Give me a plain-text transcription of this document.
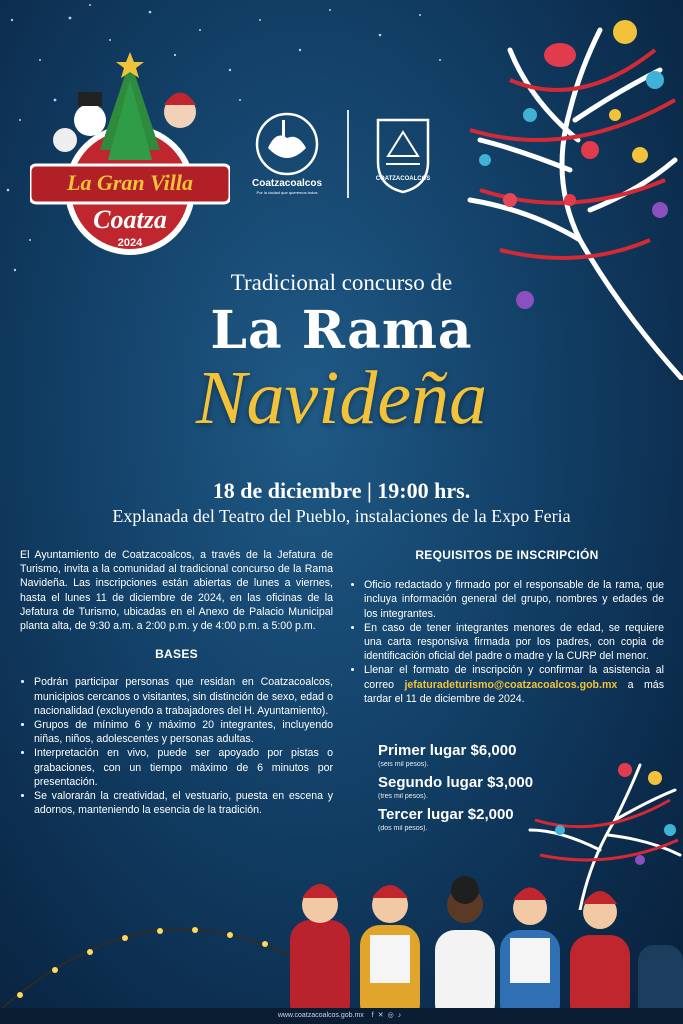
La Gran Villa
Coatza
2024
Coatzacoalcos
Por la ciudad que queremos todos
COATZACOALCOS
Tradicional concurso de
La Rama
Navideña
18 de diciembre | 19:00 hrs.
Explanada del Teatro del Pueblo, instalaciones de la Expo Feria
El Ayuntamiento de Coatzacoalcos, a través de la Jefatura de Turismo, invita a la comunidad al tradicional concurso de la Rama Navideña. Las inscripciones están abiertas de lunes a viernes, hasta el lunes 11 de diciembre de 2024, en las oficinas de la Jefatura de Turismo, ubicadas en el Anexo de Palacio Municipal planta alta, de 9:30 a.m. a 2:00 p.m. y de 4:00 p.m. a 5:00 p.m.
BASES
• Podrán participar personas que residan en Coatzacoalcos, municipios cercanos o visitantes, sin distinción de sexo, edad o nacionalidad (excluyendo a trabajadores del H. Ayuntamiento).
• Grupos de mínimo 6 y máximo 20 integrantes, incluyendo niñas, niños, adolescentes y personas adultas.
• Interpretación en vivo, puede ser apoyado por pistas o grabaciones, con un tiempo máximo de 6 minutos por presentación.
• Se valorarán la creatividad, el vestuario, puesta en escena y adornos, manteniendo la esencia de la tradición.
REQUISITOS DE INSCRIPCIÓN
• Oficio redactado y firmado por el responsable de la rama, que incluya información general del grupo, nombres y edades de los integrantes.
• En caso de tener integrantes menores de edad, se requiere una carta responsiva firmada por los padres, con copia de identificación oficial del padre o madre y la CURP del menor.
• Llenar el formato de inscripción y confirmar la asistencia al correo jefaturadeturismo@coatzacoalcos.gob.mx a más tardar el 11 de diciembre de 2024.
Primer lugar $6,000
(seis mil pesos).
Segundo lugar $3,000
(tres mil pesos).
Tercer lugar $2,000
(dos mil pesos).
www.coatzacoalcos.gob.mx f✕◎♪
